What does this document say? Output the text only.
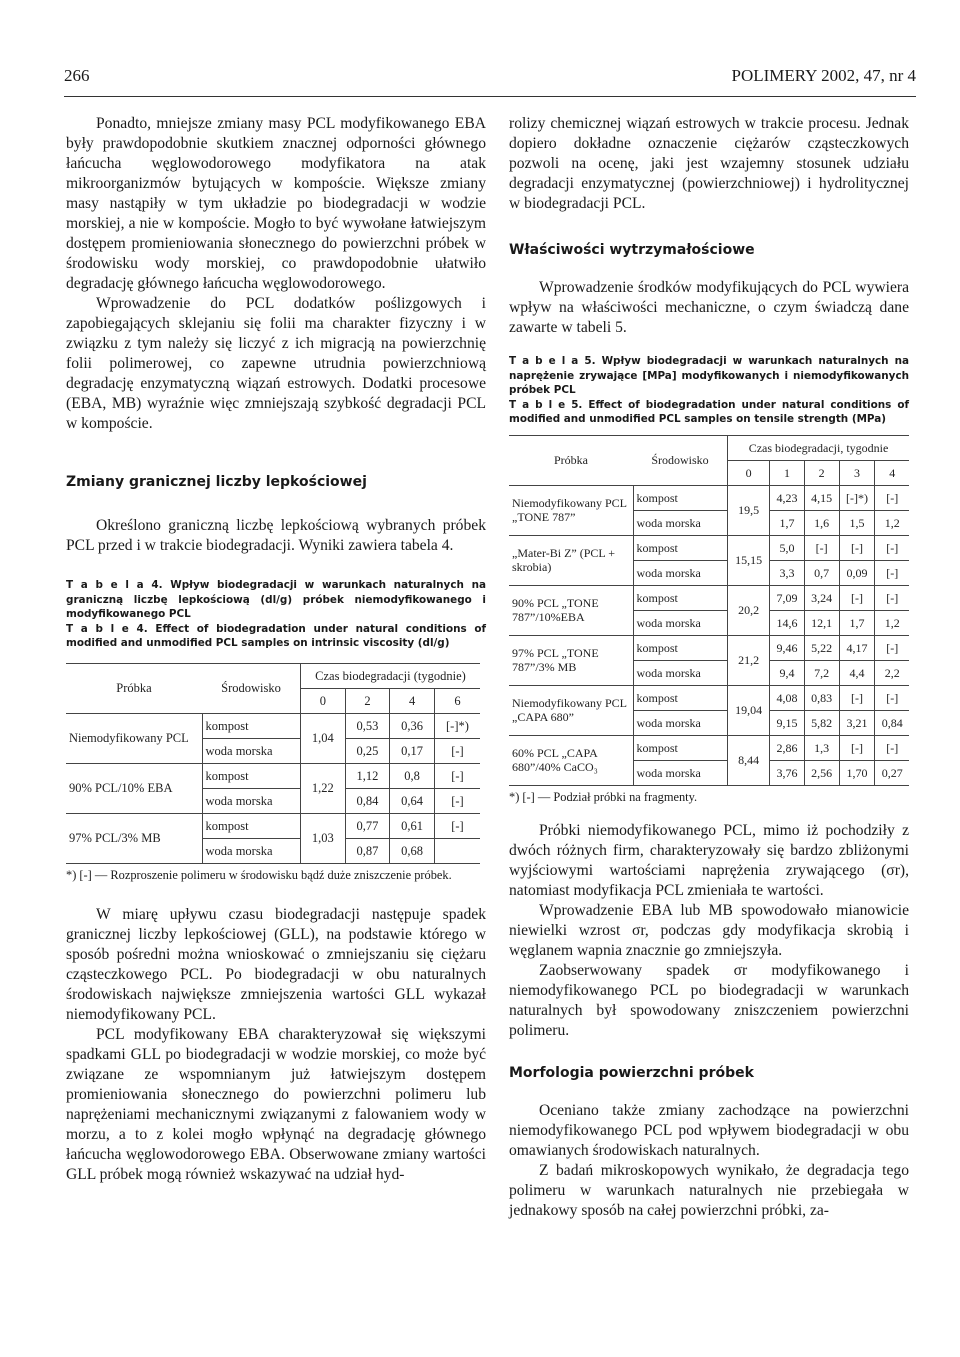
266	POLIMERY 2002, 47, nr 4

Ponadto, mniejsze zmiany masy PCL modyfikowanego EBA były prawdopodobnie skutkiem znacznej odporności głównego łańcucha węglowodorowego modyfikatora na atak mikroorganizmów bytujących w kompoście. Większe zmiany masy nastąpiły w tym układzie po biodegradacji w wodzie morskiej, a nie w kompoście. Mogło to być wywołane łatwiejszym dostępem promieniowania słonecznego do powierzchni próbek w środowisku wody morskiej, co prawdopodobnie ułatwiło degradację głównego łańcucha węglowodorowego.

Wprowadzenie do PCL dodatków poślizgowych i zapobiegających sklejaniu się folii ma charakter fizyczny i w związku z tym należy się liczyć z ich migracją na powierzchnię folii polimerowej, co zapewne utrudnia powierzchniową degradację enzymatyczną wiązań estrowych. Dodatki procesowe (EBA, MB) wyraźnie więc zmniejszają szybkość degradacji PCL w kompoście.

Zmiany granicznej liczby lepkościowej

Określono graniczną liczbę lepkościową wybranych próbek PCL przed i w trakcie biodegradacji. Wyniki zawiera tabela 4.

T a b e l a 4. Wpływ biodegradacji w warunkach naturalnych na graniczną liczbę lepkościową (dl/g) próbek niemodyfikowanego i modyfikowanego PCL

T a b l e 4. Effect of biodegradation under natural conditions of modified and unmodified PCL samples on intrinsic viscosity (dl/g)

Próbka	Środowisko	Czas biodegradacji (tygodnie)			
		0	2	4	6
Niemodyfikowany PCL	kompost	1,04	0,53	0,36	[-]*)
	woda morska		0,25	0,17	[-]
90% PCL/10% EBA	kompost	1,22	1,12	0,8	[-]
	woda morska		0,84	0,64	[-]
97% PCL/3% MB	kompost	1,03	0,77	0,61	[-]
	woda morska		0,87	0,68	

*) [-] — Rozproszenie polimeru w środowisku bądź duże zniszczenie próbek.

W miarę upływu czasu biodegradacji następuje spadek granicznej liczby lepkościowej (GLL), na podstawie którego w sposób pośredni można wnioskować o zmniejszaniu się ciężaru cząsteczkowego PCL. Po biodegradacji w obu naturalnych środowiskach największe zmniejszenia wartości GLL wykazał niemodyfikowany PCL.

PCL modyfikowany EBA charakteryzował się większymi spadkami GLL po biodegradacji w wodzie morskiej, co może być związane ze wspomnianym już łatwiejszym dostępem promieniowania słonecznego do powierzchni polimeru lub naprężeniami mechanicznymi związanymi z falowaniem wody w morzu, a to z kolei mogło wpłynąć na degradację głównego łańcucha węglowodorowego EBA. Obserwowane zmiany wartości GLL próbek mogą również wskazywać na udział hyd-

rolizy chemicznej wiązań estrowych w trakcie procesu. Jednak dopiero dokładne oznaczenie ciężarów cząsteczkowych pozwoli na ocenę, jaki jest wzajemny stosunek udziału degradacji enzymatycznej (powierzchniowej) i hydrolitycznej w biodegradacji PCL.

Właściwości wytrzymałościowe

Wprowadzenie środków modyfikujących do PCL wywiera wpływ na właściwości mechaniczne, o czym świadczą dane zawarte w tabeli 5.

T a b e l a 5. Wpływ biodegradacji w warunkach naturalnych na naprężenie zrywające [MPa] modyfikowanych i niemodyfikowanych próbek PCL

T a b l e 5. Effect of biodegradation under natural conditions of modified and unmodified PCL samples on tensile strength (MPa)

Próbka	Środowisko	Czas biodegradacji, tygodnie				
		0	1	2	3	4
Niemodyfikowany PCL „TONE 787”	kompost	19,5	4,23	4,15	[-]*)	[-]
	woda morska		1,7	1,6	1,5	1,2
„Mater-Bi Z” (PCL + skrobia)	kompost	15,15	5,0	[-]	[-]	[-]
	woda morska		3,3	0,7	0,09	[-]
90% PCL „TONE 787”/10%EBA	kompost	20,2	7,09	3,24	[-]	[-]
	woda morska		14,6	12,1	1,7	1,2
97% PCL „TONE 787”/3% MB	kompost	21,2	9,46	5,22	4,17	[-]
	woda morska		9,4	7,2	4,4	2,2
Niemodyfikowany PCL „CAPA 680”	kompost	19,04	4,08	0,83	[-]	[-]
	woda morska		9,15	5,82	3,21	0,84
60% PCL „CAPA 680”/40% CaCO₃	kompost	8,44	2,86	1,3	[-]	[-]
	woda morska		3,76	2,56	1,70	0,27

*) [-] — Podział próbki na fragmenty.

Próbki niemodyfikowanego PCL, mimo iż pochodziły z dwóch różnych firm, charakteryzowały się bardzo zbliżonymi wyjściowymi wartościami naprężenia zrywającego (σr), natomiast modyfikacja PCL zmieniała te wartości.

Wprowadzenie EBA lub MB spowodowało mianowicie niewielki wzrost σr, podczas gdy modyfikacja skrobią i węglanem wapnia znacznie go zmniejszyła.

Zaobserwowany spadek σr modyfikowanego i niemodyfikowanego PCL po biodegradacji w warunkach naturalnych był spowodowany zniszczeniem powierzchni polimeru.

Morfologia powierzchni próbek

Oceniano także zmiany zachodzące na powierzchni niemodyfikowanego PCL pod wpływem biodegradacji w obu omawianych środowiskach naturalnych.

Z badań mikroskopowych wynikało, że degradacja tego polimeru w warunkach naturalnych nie przebiegała w jednakowy sposób na całej powierzchni próbki, za-
